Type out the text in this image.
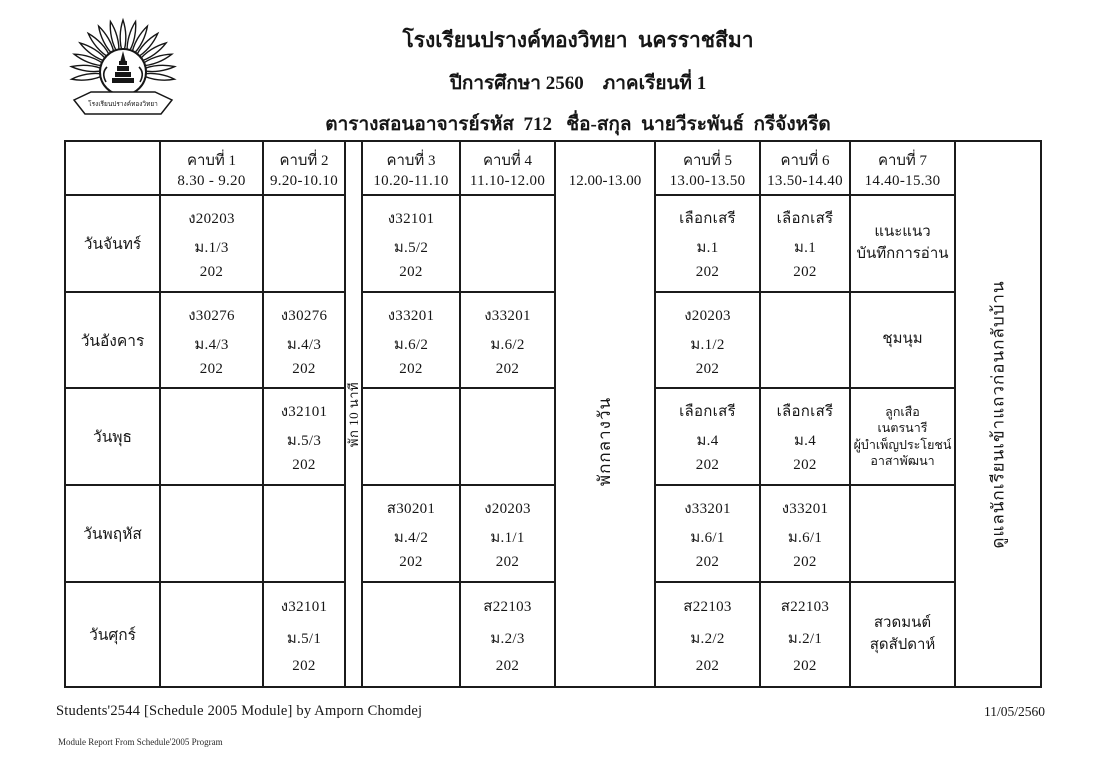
โรงเรียนปรางค์ทองวิทยา
โรงเรียนปรางค์ทองวิทยา  นครราชสีมา
ปีการศึกษา 2560    ภาคเรียนที่ 1
ตารางสอนอาจารย์รหัส  712   ชื่อ-สกุล  นายวีระพันธ์  กรีจังหรีด

คาบที่ 1
8.30 - 9.20

คาบที่ 2
9.20-10.10

พัก 10 นาที

คาบที่ 3
10.20-11.10

คาบที่ 4
11.10-12.00	12.00-13.00
พักกลางวัน

คาบที่ 5
13.00-13.50

คาบที่ 6
13.50-14.40

คาบที่ 7
14.40-15.30

ดูแลนักเรียนเข้าแถวก่อนกลับบ้าน

วันจันทร์	ง20203
ม.1/3
202			ง32101
ม.5/2
202			เลือกเสรี
ม.1
202	เลือกเสรี
ม.1
202	แนะแนว
บันทึกการอ่าน	

วันอังคาร	ง30276
ม.4/3
202	ง30276
ม.4/3
202		ง33201
ม.6/2
202	ง33201
ม.6/2
202		ง20203
ม.1/2
202		ชุมนุม	

วันพุธ		ง32101
ม.5/3
202					เลือกเสรี
ม.4
202	เลือกเสรี
ม.4
202	ลูกเสือ
เนตรนารี
ผู้บำเพ็ญประโยชน์
อาสาพัฒนา	

วันพฤหัส				ส30201
ม.4/2
202	ง20203
ม.1/1
202		ง33201
ม.6/1
202	ง33201
ม.6/1
202		

วันศุกร์		ง32101
ม.5/1
202			ส22103
ม.2/3
202		ส22103
ม.2/2
202	ส22103
ม.2/1
202	สวดมนต์
สุดสัปดาห์	
Students'2544 [Schedule 2005 Module] by Amporn Chomdej
Module Report From Schedule'2005 Program
11/05/2560
